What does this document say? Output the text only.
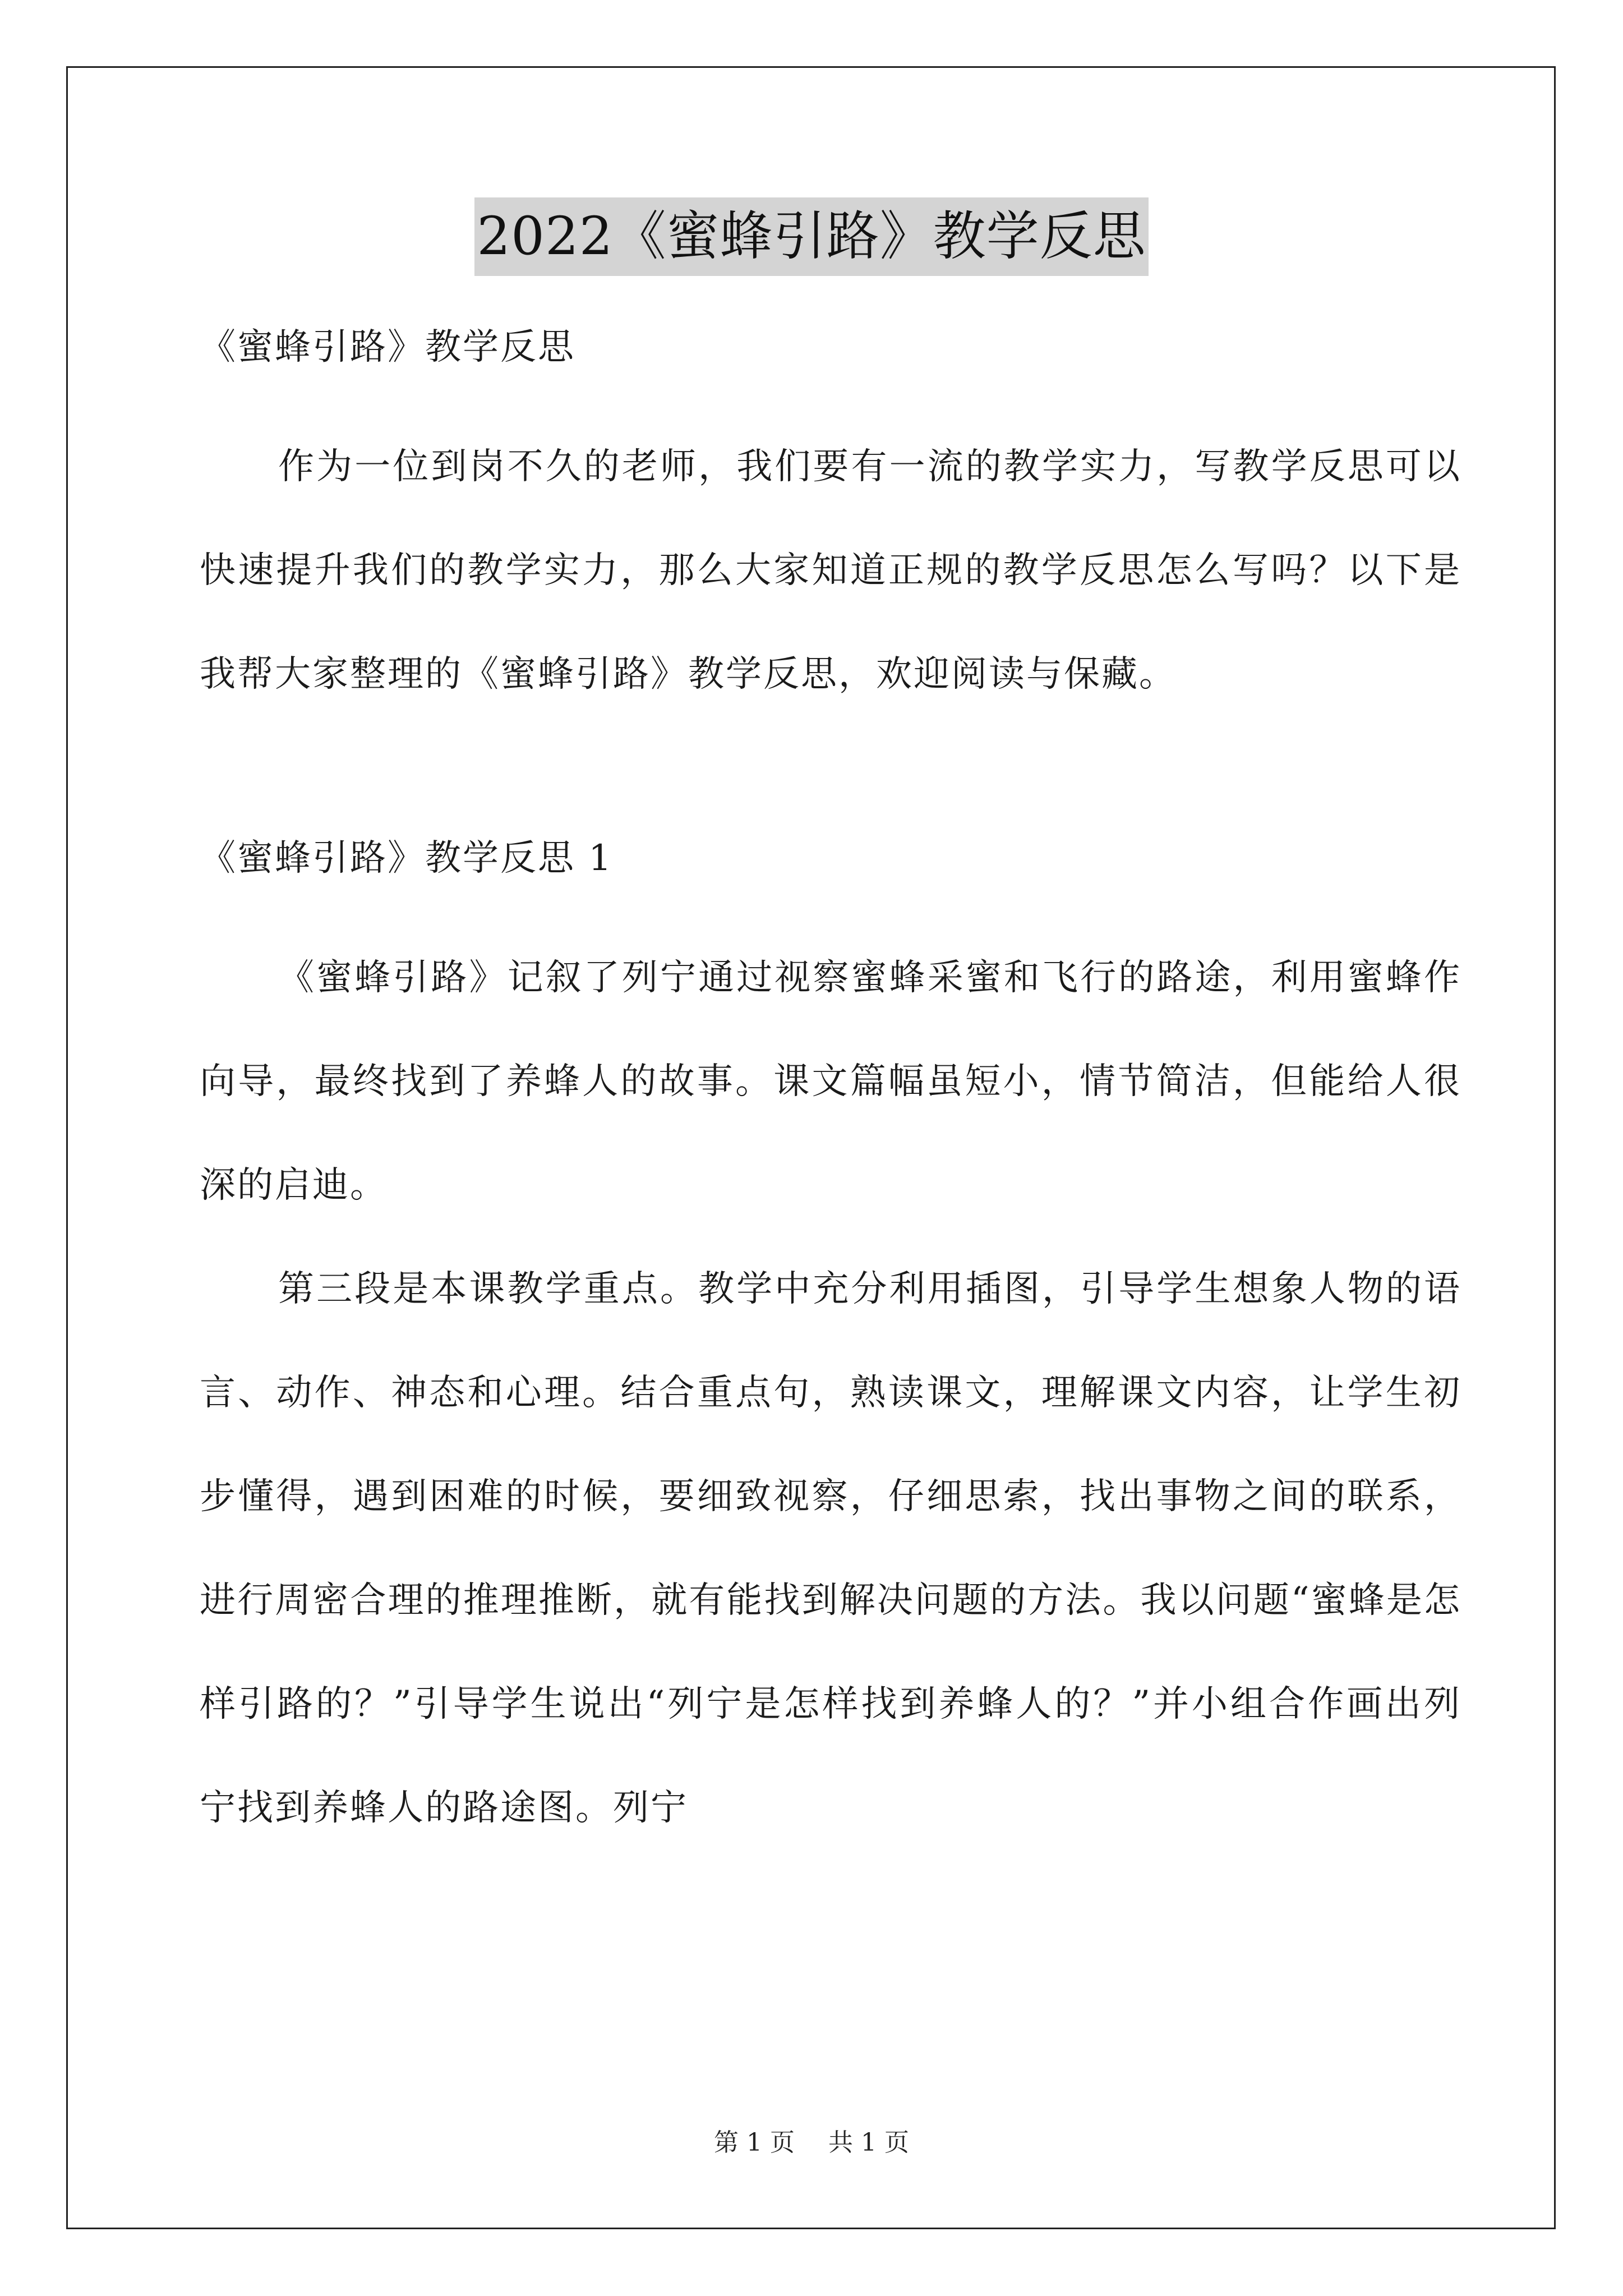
2022《蜜蜂引路》教学反思

《蜜蜂引路》教学反思

作为一位到岗不久的老师，我们要有一流的教学实力，写教学反思可以快速提升我们的教学实力，那么大家知道正规的教学反思怎么写吗？以下是我帮大家整理的《蜜蜂引路》教学反思，欢迎阅读与保藏。

《蜜蜂引路》教学反思 1

《蜜蜂引路》记叙了列宁通过视察蜜蜂采蜜和飞行的路途，利用蜜蜂作向导，最终找到了养蜂人的故事。课文篇幅虽短小，情节简洁，但能给人很深的启迪。

第三段是本课教学重点。教学中充分利用插图，引导学生想象人物的语言、动作、神态和心理。结合重点句，熟读课文，理解课文内容，让学生初步懂得，遇到困难的时候，要细致视察，仔细思索，找出事物之间的联系，进行周密合理的推理推断，就有能找到解决问题的方法。我以问题“蜜蜂是怎样引路的？”引导学生说出“列宁是怎样找到养蜂人的？”并小组合作画出列宁找到养蜂人的路途图。列宁

第 1 页 共 1 页
